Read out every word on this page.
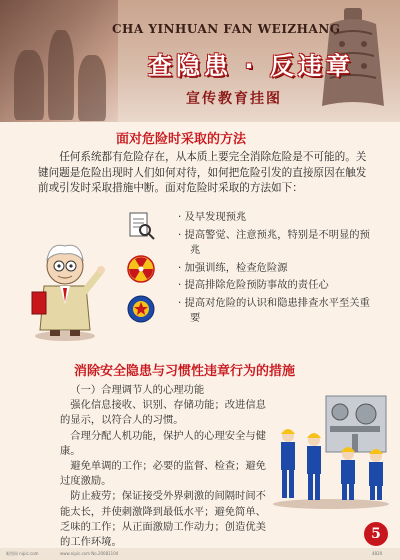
CHA YINHUAN FAN WEIZHANG
查隐患 · 反违章
宣传教育挂图
面对危险时采取的方法
任何系统都有危险存在，从本质上要完全消除危险是不可能的。关键问题是危险出现时人们如何对待，如何把危险引发的直接原因在触发前或引发时采取措施中断。面对危险时采取的方法如下：
· 及早发现预兆
· 提高警觉、注意预兆，特别是不明显的预兆
· 加强训练，检查危险源
· 提高排除危险预防事故的责任心
· 提高对危险的认识和隐患排查水平至关重要
消除安全隐患与习惯性违章行为的措施

（一）合理调节人的心理功能

强化信息接收、识别、存储功能；改进信息的显示，以符合人的习惯。

合理分配人机功能，保护人的心理安全与健康。

避免单调的工作；必要的监督、检查；避免过度激励。

防止疲劳；保证接受外界刺激的间隔时间不能太长，并使刺激降到最低水平；避免简单、乏味的工作；从正面激励工作动力；创造优美的工作环境。

5
昵图网 nipic.com	www.nipic.com No.20081104	4820
